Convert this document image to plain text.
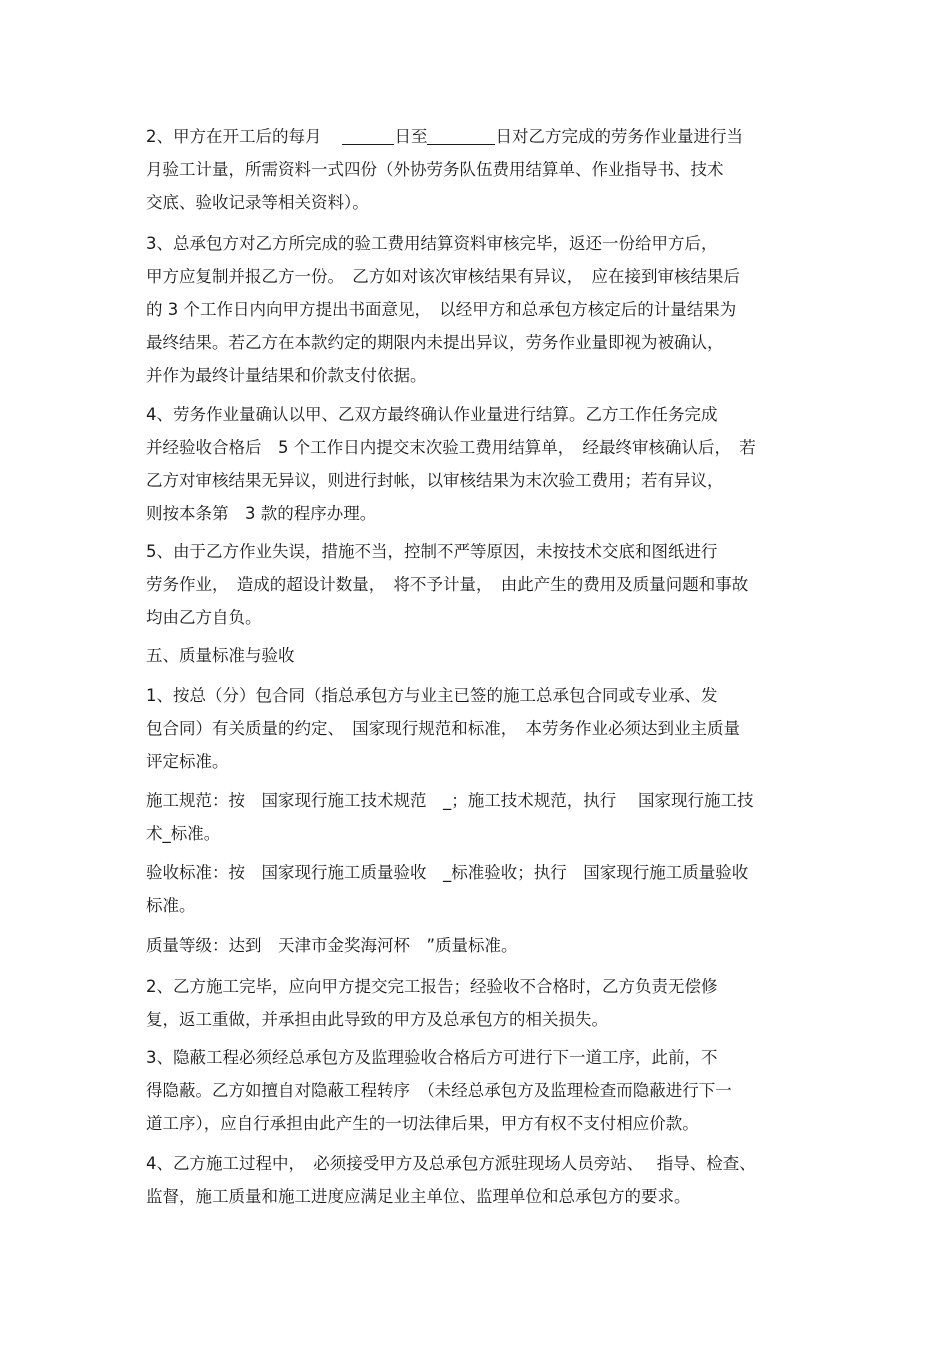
2、甲方在开工后的每月	日至	日对乙方完成的劳务作业量进行当
月验工计量，所需资料一式四份（外协劳务队伍费用结算单、作业指导书、技术
交底、验收记录等相关资料）。
3、总承包方对乙方所完成的验工费用结算资料审核完毕，返还一份给甲方后，
甲方应复制并报乙方一份。　乙方如对该次审核结果有异议，　应在接到审核结果后
的 3 个工作日内向甲方提出书面意见，　以经甲方和总承包方核定后的计量结果为
最终结果。若乙方在本款约定的期限内未提出异议，劳务作业量即视为被确认，
并作为最终计量结果和价款支付依据。
4、劳务作业量确认以甲、乙双方最终确认作业量进行结算。乙方工作任务完成
并经验收合格后　5 个工作日内提交末次验工费用结算单，　经最终审核确认后，　若
乙方对审核结果无异议，则进行封帐，以审核结果为末次验工费用；若有异议，
则按本条第　3 款的程序办理。
5、由于乙方作业失误，措施不当，控制不严等原因，未按技术交底和图纸进行
劳务作业，　造成的超设计数量，　将不予计量，　由此产生的费用及质量问题和事故
均由乙方自负。
五、质量标准与验收
1、按总（分）包合同（指总承包方与业主已签的施工总承包合同或专业承、发
包合同）有关质量的约定、　国家现行规范和标准，　本劳务作业必须达到业主质量
评定标准。
施工规范：按　国家现行施工技术规范　_；施工技术规范，执行　 国家现行施工技
术_标准。
验收标准：按　国家现行施工质量验收　_标准验收；执行　国家现行施工质量验收
标准。
质量等级：达到　天津市金奖海河杯　”质量标准。
2、乙方施工完毕，应向甲方提交完工报告；经验收不合格时，乙方负责无偿修
复，返工重做，并承担由此导致的甲方及总承包方的相关损失。
3、隐蔽工程必须经总承包方及监理验收合格后方可进行下一道工序，此前，不
得隐蔽。乙方如擅自对隐蔽工程转序　（未经总承包方及监理检查而隐蔽进行下一
道工序），应自行承担由此产生的一切法律后果，甲方有权不支付相应价款。
4、乙方施工过程中，　必须接受甲方及总承包方派驻现场人员旁站、　 指导、检查、
监督，施工质量和施工进度应满足业主单位、监理单位和总承包方的要求。
